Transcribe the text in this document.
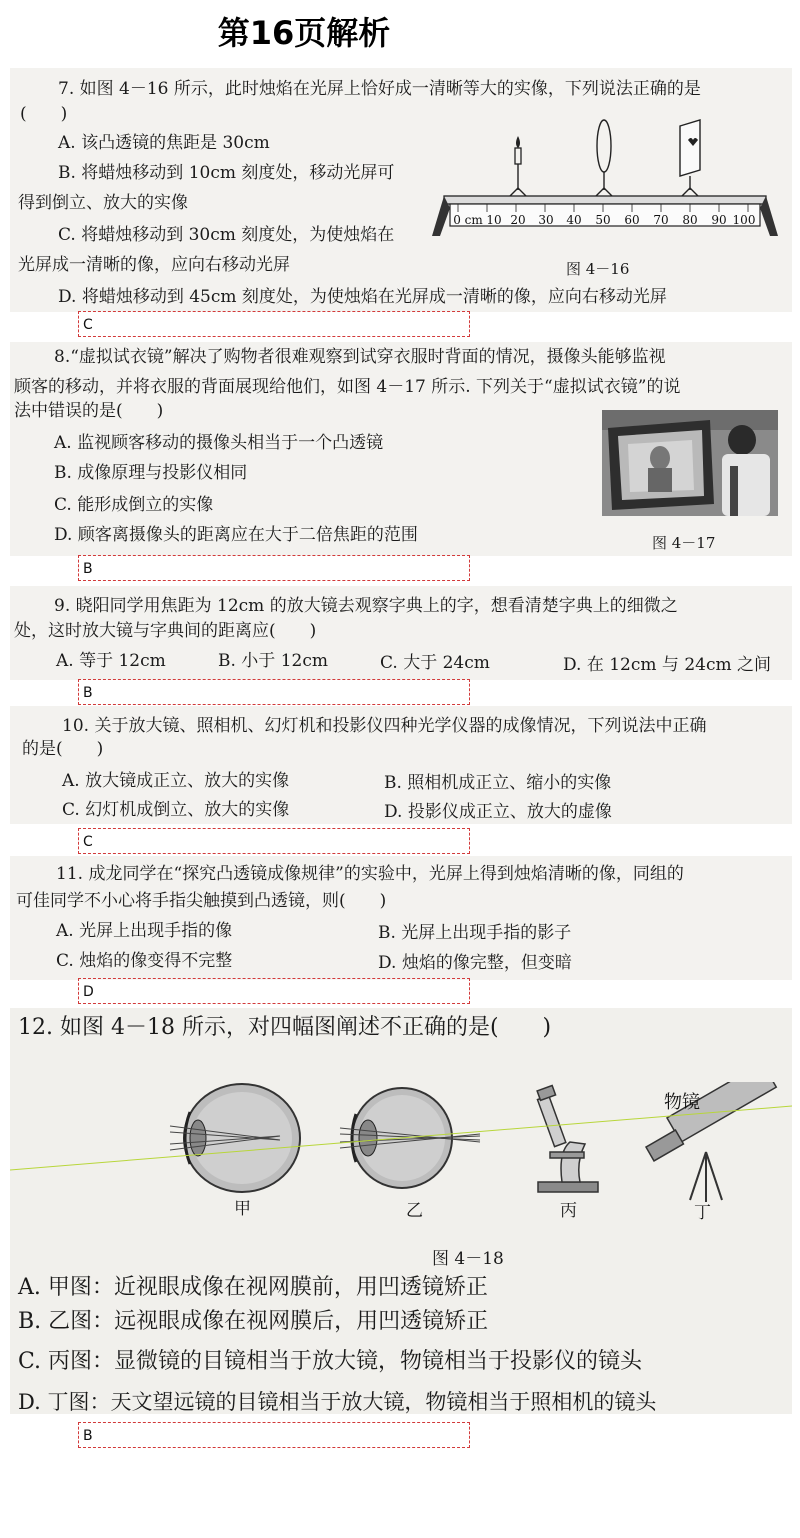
第16页解析
7. 如图 4－16 所示，此时烛焰在光屏上恰好成一清晰等大的实像，下列说法正确的是
(　　)
A. 该凸透镜的焦距是 30cm
B. 将蜡烛移动到 10cm 刻度处，移动光屏可
得到倒立、放大的实像
C. 将蜡烛移动到 30cm 刻度处，为使烛焰在
光屏成一清晰的像，应向右移动光屏
D. 将蜡烛移动到 45cm 刻度处，为使烛焰在光屏成一清晰的像，应向右移动光屏
0 cm 10 20 30 40 50 60 70 80 90 100
图 4－16
C
8.“虚拟试衣镜”解决了购物者很难观察到试穿衣服时背面的情况，摄像头能够监视
顾客的移动，并将衣服的背面展现给他们，如图 4－17 所示. 下列关于“虚拟试衣镜”的说
法中错误的是(　　)
A. 监视顾客移动的摄像头相当于一个凸透镜
B. 成像原理与投影仪相同
C. 能形成倒立的实像
D. 顾客离摄像头的距离应在大于二倍焦距的范围	图 4－17
B
9. 晓阳同学用焦距为 12cm 的放大镜去观察字典上的字，想看清楚字典上的细微之
处，这时放大镜与字典间的距离应(　　)
A. 等于 12cm	B. 小于 12cm	C. 大于 24cm	D. 在 12cm 与 24cm 之间
B
10. 关于放大镜、照相机、幻灯机和投影仪四种光学仪器的成像情况，下列说法中正确
的是(　　)
A. 放大镜成正立、放大的实像	B. 照相机成正立、缩小的实像
C. 幻灯机成倒立、放大的实像	D. 投影仪成正立、放大的虚像
C
11. 成龙同学在“探究凸透镜成像规律”的实验中，光屏上得到烛焰清晰的像，同组的
可佳同学不小心将手指尖触摸到凸透镜，则(　　)
A. 光屏上出现手指的像	B. 光屏上出现手指的影子
C. 烛焰的像变得不完整	D. 烛焰的像完整，但变暗
D
12. 如图 4－18 所示，对四幅图阐述不正确的是(　　)
物镜
甲	乙	丙	丁
图 4－18
A. 甲图：近视眼成像在视网膜前，用凹透镜矫正
B. 乙图：远视眼成像在视网膜后，用凹透镜矫正
C. 丙图：显微镜的目镜相当于放大镜，物镜相当于投影仪的镜头
D. 丁图：天文望远镜的目镜相当于放大镜，物镜相当于照相机的镜头
B
